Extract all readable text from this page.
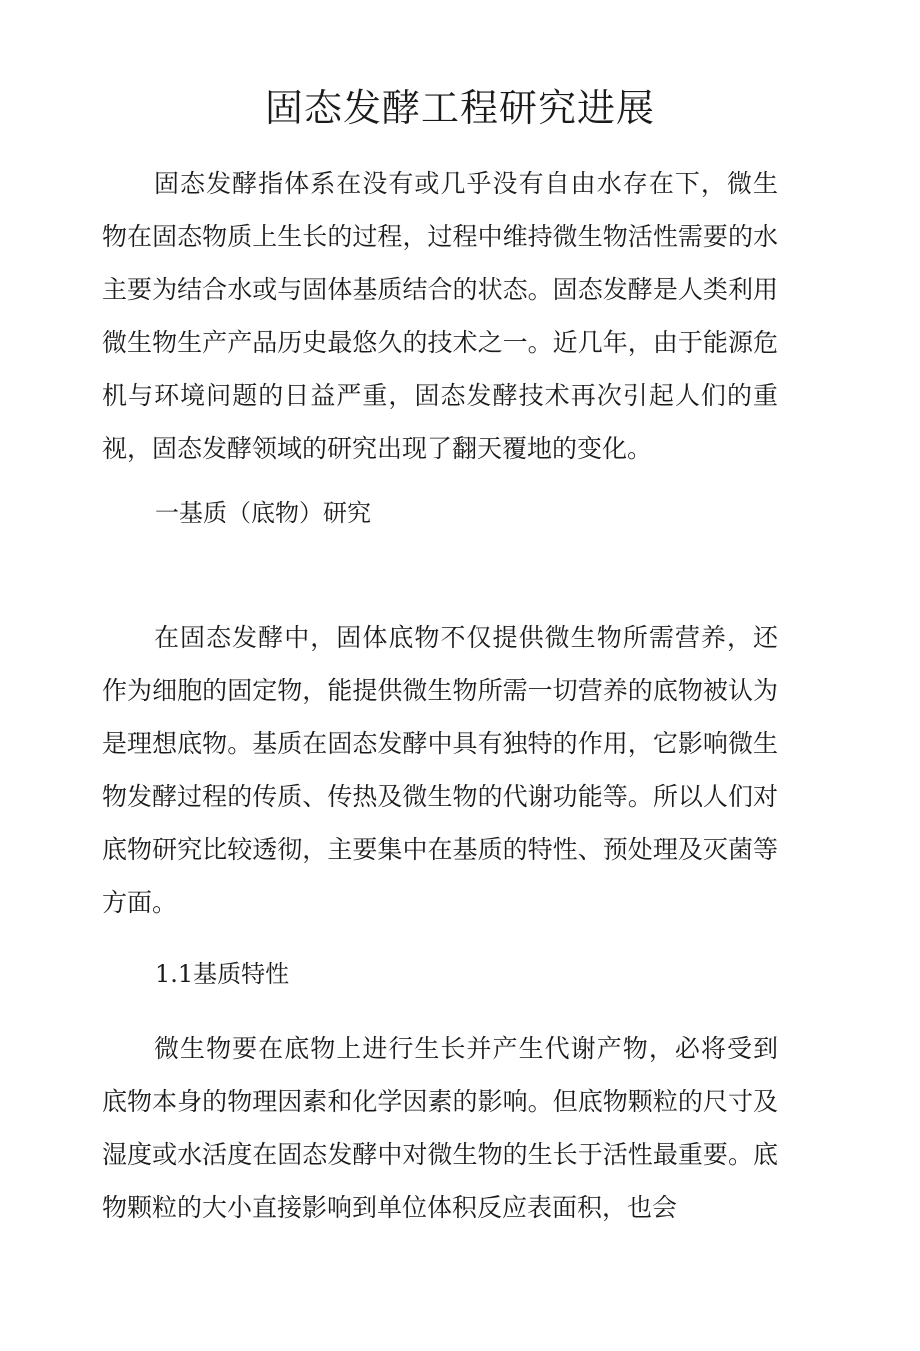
固态发酵工程研究进展

固态发酵指体系在没有或几乎没有自由水存在下，微生物在固态物质上生长的过程，过程中维持微生物活性需要的水主要为结合水或与固体基质结合的状态。固态发酵是人类利用微生物生产产品历史最悠久的技术之一。近几年，由于能源危机与环境问题的日益严重，固态发酵技术再次引起人们的重视，固态发酵领域的研究出现了翻天覆地的变化。

一基质（底物）研究

在固态发酵中，固体底物不仅提供微生物所需营养，还作为细胞的固定物，能提供微生物所需一切营养的底物被认为是理想底物。基质在固态发酵中具有独特的作用，它影响微生物发酵过程的传质、传热及微生物的代谢功能等。所以人们对底物研究比较透彻，主要集中在基质的特性、预处理及灭菌等方面。

1.1基质特性

微生物要在底物上进行生长并产生代谢产物，必将受到底物本身的物理因素和化学因素的影响。但底物颗粒的尺寸及湿度或水活度在固态发酵中对微生物的生长于活性最重要。底物颗粒的大小直接影响到单位体积反应表面积，也会
